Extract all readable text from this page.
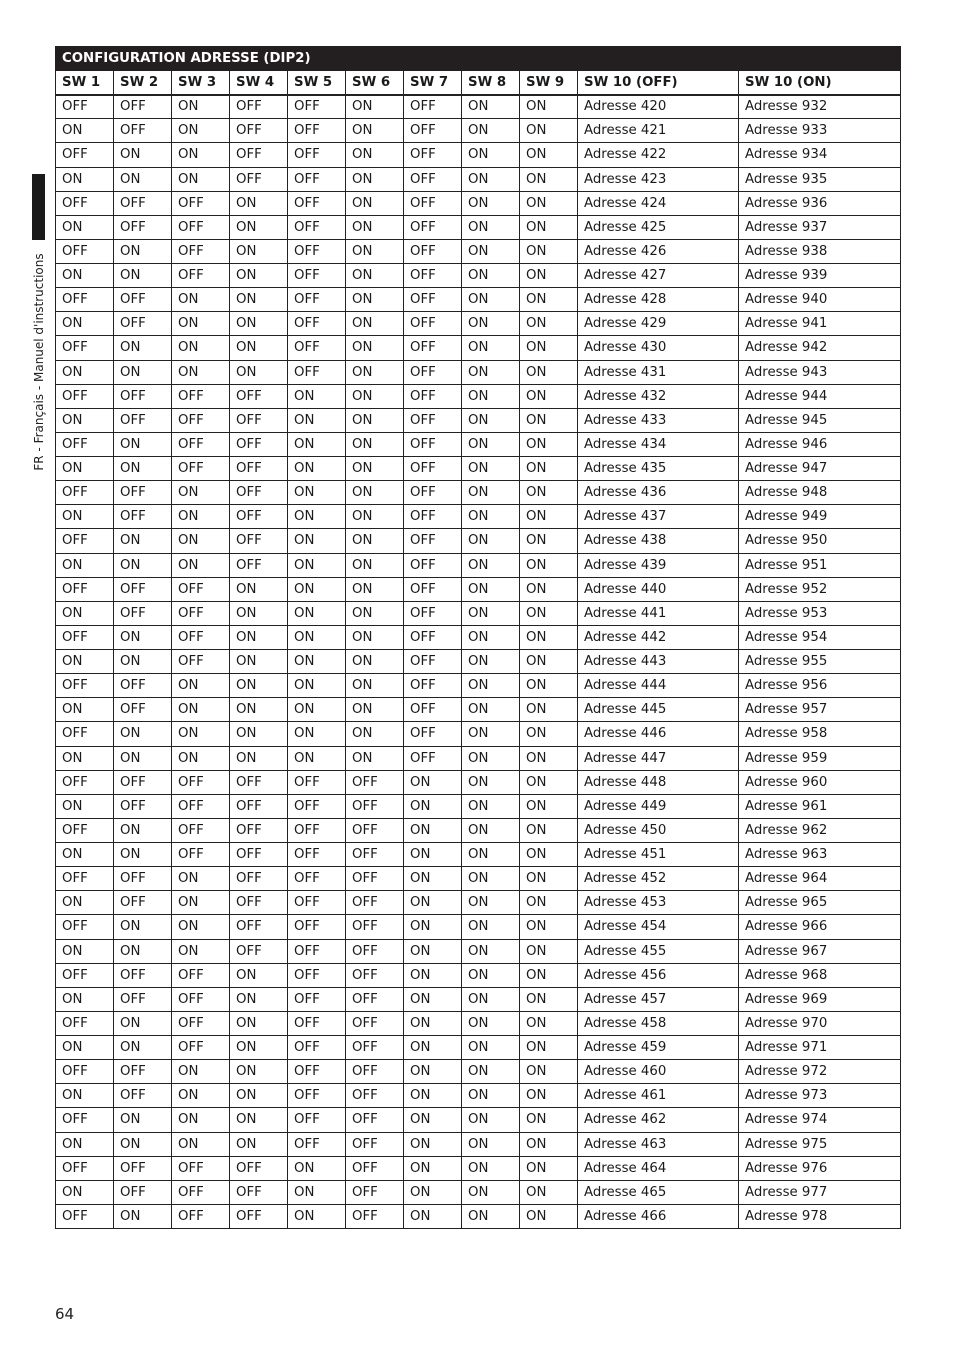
FR - Français - Manuel d'instructions
CONFIGURATION ADRESSE (DIP2)										
SW 1	SW 2	SW 3	SW 4	SW 5	SW 6	SW 7	SW 8	SW 9	SW 10 (OFF)	SW 10 (ON)
OFF	OFF	ON	OFF	OFF	ON	OFF	ON	ON	Adresse 420	Adresse 932
ON	OFF	ON	OFF	OFF	ON	OFF	ON	ON	Adresse 421	Adresse 933
OFF	ON	ON	OFF	OFF	ON	OFF	ON	ON	Adresse 422	Adresse 934
ON	ON	ON	OFF	OFF	ON	OFF	ON	ON	Adresse 423	Adresse 935
OFF	OFF	OFF	ON	OFF	ON	OFF	ON	ON	Adresse 424	Adresse 936
ON	OFF	OFF	ON	OFF	ON	OFF	ON	ON	Adresse 425	Adresse 937
OFF	ON	OFF	ON	OFF	ON	OFF	ON	ON	Adresse 426	Adresse 938
ON	ON	OFF	ON	OFF	ON	OFF	ON	ON	Adresse 427	Adresse 939
OFF	OFF	ON	ON	OFF	ON	OFF	ON	ON	Adresse 428	Adresse 940
ON	OFF	ON	ON	OFF	ON	OFF	ON	ON	Adresse 429	Adresse 941
OFF	ON	ON	ON	OFF	ON	OFF	ON	ON	Adresse 430	Adresse 942
ON	ON	ON	ON	OFF	ON	OFF	ON	ON	Adresse 431	Adresse 943
OFF	OFF	OFF	OFF	ON	ON	OFF	ON	ON	Adresse 432	Adresse 944
ON	OFF	OFF	OFF	ON	ON	OFF	ON	ON	Adresse 433	Adresse 945
OFF	ON	OFF	OFF	ON	ON	OFF	ON	ON	Adresse 434	Adresse 946
ON	ON	OFF	OFF	ON	ON	OFF	ON	ON	Adresse 435	Adresse 947
OFF	OFF	ON	OFF	ON	ON	OFF	ON	ON	Adresse 436	Adresse 948
ON	OFF	ON	OFF	ON	ON	OFF	ON	ON	Adresse 437	Adresse 949
OFF	ON	ON	OFF	ON	ON	OFF	ON	ON	Adresse 438	Adresse 950
ON	ON	ON	OFF	ON	ON	OFF	ON	ON	Adresse 439	Adresse 951
OFF	OFF	OFF	ON	ON	ON	OFF	ON	ON	Adresse 440	Adresse 952
ON	OFF	OFF	ON	ON	ON	OFF	ON	ON	Adresse 441	Adresse 953
OFF	ON	OFF	ON	ON	ON	OFF	ON	ON	Adresse 442	Adresse 954
ON	ON	OFF	ON	ON	ON	OFF	ON	ON	Adresse 443	Adresse 955
OFF	OFF	ON	ON	ON	ON	OFF	ON	ON	Adresse 444	Adresse 956
ON	OFF	ON	ON	ON	ON	OFF	ON	ON	Adresse 445	Adresse 957
OFF	ON	ON	ON	ON	ON	OFF	ON	ON	Adresse 446	Adresse 958
ON	ON	ON	ON	ON	ON	OFF	ON	ON	Adresse 447	Adresse 959
OFF	OFF	OFF	OFF	OFF	OFF	ON	ON	ON	Adresse 448	Adresse 960
ON	OFF	OFF	OFF	OFF	OFF	ON	ON	ON	Adresse 449	Adresse 961
OFF	ON	OFF	OFF	OFF	OFF	ON	ON	ON	Adresse 450	Adresse 962
ON	ON	OFF	OFF	OFF	OFF	ON	ON	ON	Adresse 451	Adresse 963
OFF	OFF	ON	OFF	OFF	OFF	ON	ON	ON	Adresse 452	Adresse 964
ON	OFF	ON	OFF	OFF	OFF	ON	ON	ON	Adresse 453	Adresse 965
OFF	ON	ON	OFF	OFF	OFF	ON	ON	ON	Adresse 454	Adresse 966
ON	ON	ON	OFF	OFF	OFF	ON	ON	ON	Adresse 455	Adresse 967
OFF	OFF	OFF	ON	OFF	OFF	ON	ON	ON	Adresse 456	Adresse 968
ON	OFF	OFF	ON	OFF	OFF	ON	ON	ON	Adresse 457	Adresse 969
OFF	ON	OFF	ON	OFF	OFF	ON	ON	ON	Adresse 458	Adresse 970
ON	ON	OFF	ON	OFF	OFF	ON	ON	ON	Adresse 459	Adresse 971
OFF	OFF	ON	ON	OFF	OFF	ON	ON	ON	Adresse 460	Adresse 972
ON	OFF	ON	ON	OFF	OFF	ON	ON	ON	Adresse 461	Adresse 973
OFF	ON	ON	ON	OFF	OFF	ON	ON	ON	Adresse 462	Adresse 974
ON	ON	ON	ON	OFF	OFF	ON	ON	ON	Adresse 463	Adresse 975
OFF	OFF	OFF	OFF	ON	OFF	ON	ON	ON	Adresse 464	Adresse 976
ON	OFF	OFF	OFF	ON	OFF	ON	ON	ON	Adresse 465	Adresse 977
OFF	ON	OFF	OFF	ON	OFF	ON	ON	ON	Adresse 466	Adresse 978
64
